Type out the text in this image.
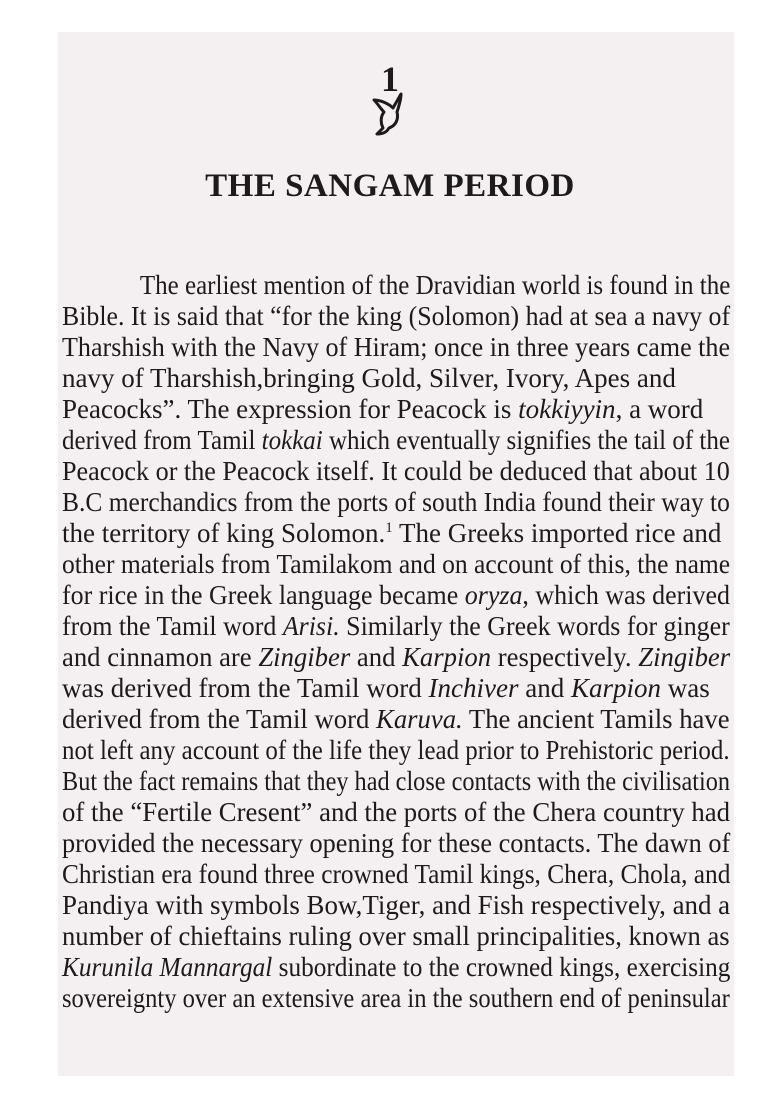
1
THE SANGAM PERIOD
The earliest mention of the Dravidian world is found in the
Bible. It is said that “for the king (Solomon) had at sea a navy of
Tharshish with the Navy of Hiram; once in three years came the
navy of Tharshish,bringing Gold, Silver, Ivory, Apes and
Peacocks”. The expression for Peacock is tokkiyyin, a word
derived from Tamil tokkai which eventually signifies the tail of the
Peacock or the Peacock itself. It could be deduced that about 10
B.C merchandics from the ports of south India found their way to
the territory of king Solomon.$^1$ The Greeks imported rice and
other materials from Tamilakom and on account of this, the name
for rice in the Greek language became oryza, which was derived
from the Tamil word Arisi. Similarly the Greek words for ginger
and cinnamon are Zingiber and Karpion respectively. Zingiber
was derived from the Tamil word Inchiver and Karpion was
derived from the Tamil word Karuva. The ancient Tamils have
not left any account of the life they lead prior to Prehistoric period.
But the fact remains that they had close contacts with the civilisation
of the “Fertile Cresent” and the ports of the Chera country had
provided the necessary opening for these contacts. The dawn of
Christian era found three crowned Tamil kings, Chera, Chola, and
Pandiya with symbols Bow,Tiger, and Fish respectively, and a
number of chieftains ruling over small principalities, known as
Kurunila Mannargal subordinate to the crowned kings, exercising
sovereignty over an extensive area in the southern end of peninsular
